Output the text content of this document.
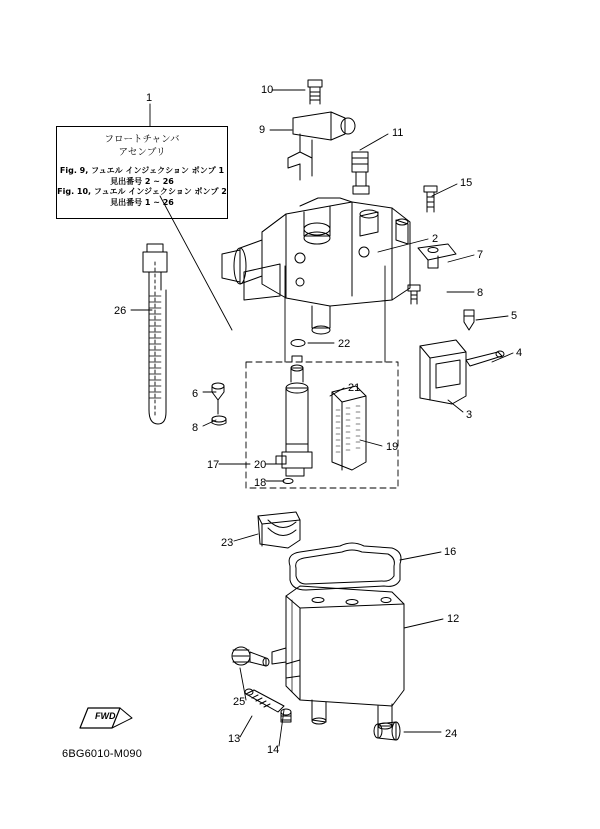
フロートチャンバ
アセンブリ
Fig. 9, フュエル インジェクション ポンプ 1
見出番号 2 ~ 26
Fig. 10, フュエル インジェクション ポンプ 2
見出番号 1 ~ 26
FWD
6BG6010-M090
1
10
9	11
15
2
7
8
5
4
3
26
22
6
8
21
19
17	20
18
23
16
12
25
13
14
24
